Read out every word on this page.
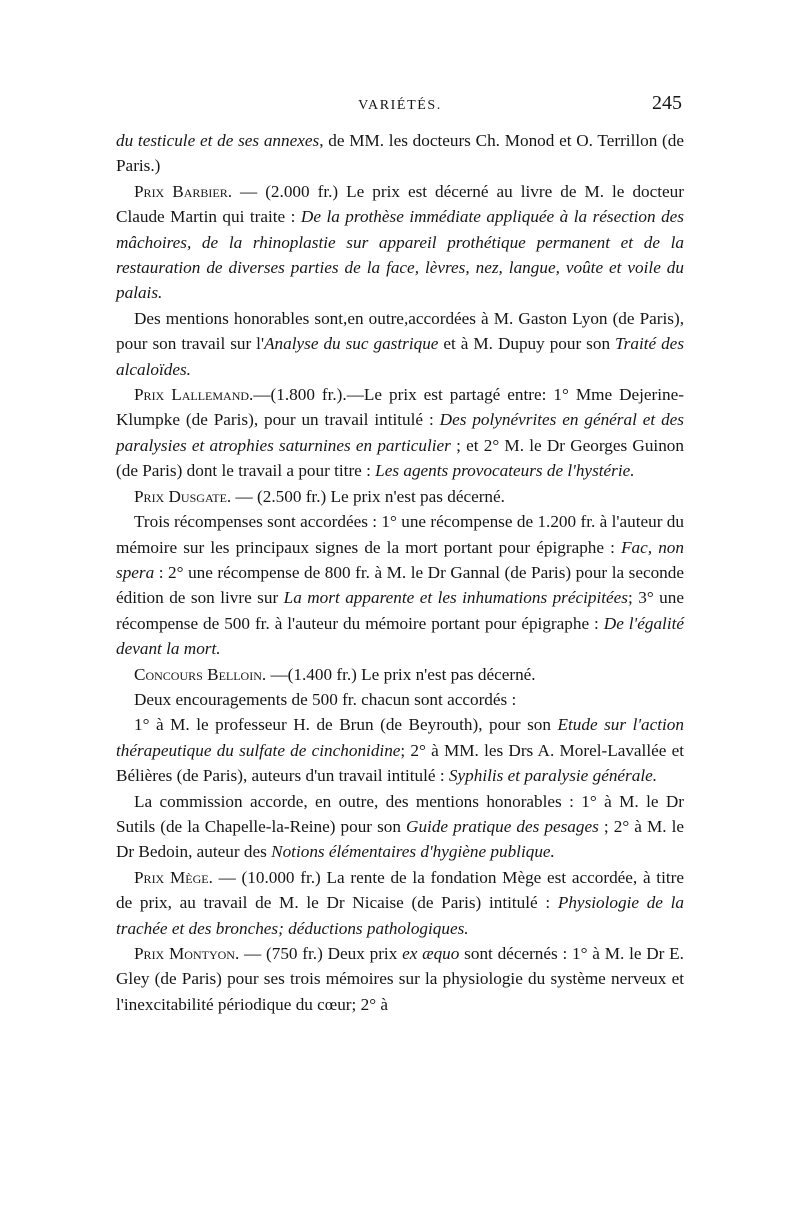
VARIÉTÉS.	245

du testicule et de ses annexes, de MM. les docteurs Ch. Monod et O. Terrillon (de Paris.)

Prix Barbier. — (2.000 fr.) Le prix est décerné au livre de M. le docteur Claude Martin qui traite : De la prothèse immédiate appliquée à la résection des mâchoires, de la rhinoplastie sur appareil prothétique permanent et de la restauration de diverses parties de la face, lèvres, nez, langue, voûte et voile du palais.

Des mentions honorables sont,en outre,accordées à M. Gaston Lyon (de Paris), pour son travail sur l'Analyse du suc gastrique et à M. Dupuy pour son Traité des alcaloïdes.

Prix Lallemand.—(1.800 fr.).—Le prix est partagé entre: 1° Mme Dejerine-Klumpke (de Paris), pour un travail intitulé : Des polynévrites en général et des paralysies et atrophies saturnines en particulier ; et 2° M. le Dr Georges Guinon (de Paris) dont le travail a pour titre : Les agents provocateurs de l'hystérie.

Prix Dusgate. — (2.500 fr.) Le prix n'est pas décerné.

Trois récompenses sont accordées : 1° une récompense de 1.200 fr. à l'auteur du mémoire sur les principaux signes de la mort portant pour épigraphe : Fac, non spera : 2° une récompense de 800 fr. à M. le Dr Gannal (de Paris) pour la seconde édition de son livre sur La mort apparente et les inhumations précipitées; 3° une récompense de 500 fr. à l'auteur du mémoire portant pour épigraphe : De l'égalité devant la mort.

Concours Belloin. —(1.400 fr.) Le prix n'est pas décerné.

Deux encouragements de 500 fr. chacun sont accordés :

1° à M. le professeur H. de Brun (de Beyrouth), pour son Etude sur l'action thérapeutique du sulfate de cinchonidine; 2° à MM. les Drs A. Morel-Lavallée et Bélières (de Paris), auteurs d'un travail intitulé : Syphilis et paralysie générale.

La commission accorde, en outre, des mentions honorables : 1° à M. le Dr Sutils (de la Chapelle-la-Reine) pour son Guide pratique des pesages ; 2° à M. le Dr Bedoin, auteur des Notions élémentaires d'hygiène publique.

Prix Mège. — (10.000 fr.) La rente de la fondation Mège est accordée, à titre de prix, au travail de M. le Dr Nicaise (de Paris) intitulé : Physiologie de la trachée et des bronches; déductions pathologiques.

Prix Montyon. — (750 fr.) Deux prix ex æquo sont décernés : 1° à M. le Dr E. Gley (de Paris) pour ses trois mémoires sur la physiologie du système nerveux et l'inexcitabilité périodique du cœur; 2° à
